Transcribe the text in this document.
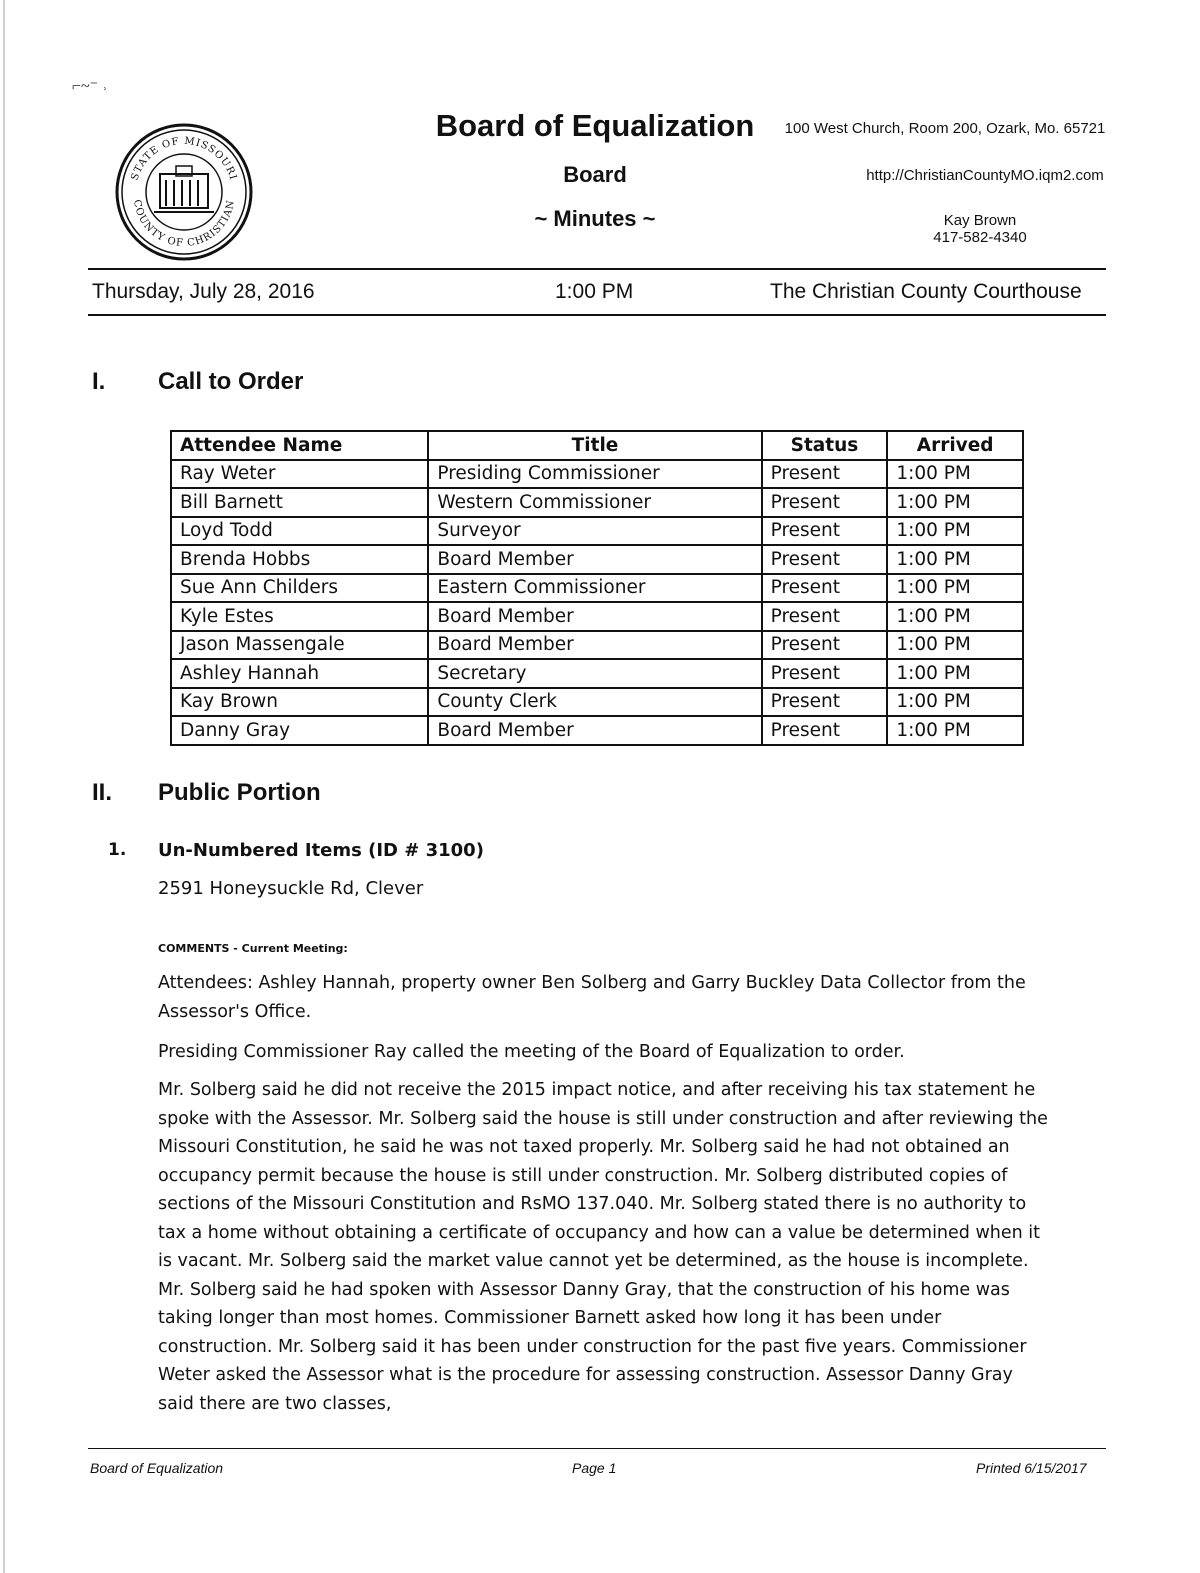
⌐~⁻ ˒
STATE OF MISSOURI
COUNTY OF CHRISTIAN
Board of Equalization
Board
~ Minutes ~
100 West Church, Room 200, Ozark, Mo. 65721
http://ChristianCountyMO.iqm2.com
Kay Brown
417-582-4340
Thursday, July 28, 2016	1:00 PM	The Christian County Courthouse
I. Call to Order
Attendee Name	Title	Status	Arrived
Ray Weter	Presiding Commissioner	Present	1:00 PM
Bill Barnett	Western Commissioner	Present	1:00 PM
Loyd Todd	Surveyor	Present	1:00 PM
Brenda Hobbs	Board Member	Present	1:00 PM
Sue Ann Childers	Eastern Commissioner	Present	1:00 PM
Kyle Estes	Board Member	Present	1:00 PM
Jason Massengale	Board Member	Present	1:00 PM
Ashley Hannah	Secretary	Present	1:00 PM
Kay Brown	County Clerk	Present	1:00 PM
Danny Gray	Board Member	Present	1:00 PM
II. Public Portion
1. Un-Numbered Items (ID # 3100)
2591 Honeysuckle Rd, Clever
COMMENTS - Current Meeting:

Attendees: Ashley Hannah, property owner Ben Solberg and Garry Buckley Data Collector from the Assessor's Office.

Presiding Commissioner Ray called the meeting of the Board of Equalization to order.

Mr. Solberg said he did not receive the 2015 impact notice, and after receiving his tax statement he spoke with the Assessor. Mr. Solberg said the house is still under construction and after reviewing the Missouri Constitution, he said he was not taxed properly. Mr. Solberg said he had not obtained an occupancy permit because the house is still under construction. Mr. Solberg distributed copies of sections of the Missouri Constitution and RsMO 137.040. Mr. Solberg stated there is no authority to tax a home without obtaining a certificate of occupancy and how can a value be determined when it is vacant. Mr. Solberg said the market value cannot yet be determined, as the house is incomplete. Mr. Solberg said he had spoken with Assessor Danny Gray, that the construction of his home was taking longer than most homes. Commissioner Barnett asked how long it has been under construction. Mr. Solberg said it has been under construction for the past five years. Commissioner Weter asked the Assessor what is the procedure for assessing construction. Assessor Danny Gray said there are two classes,

Board of Equalization	Page 1	Printed 6/15/2017
